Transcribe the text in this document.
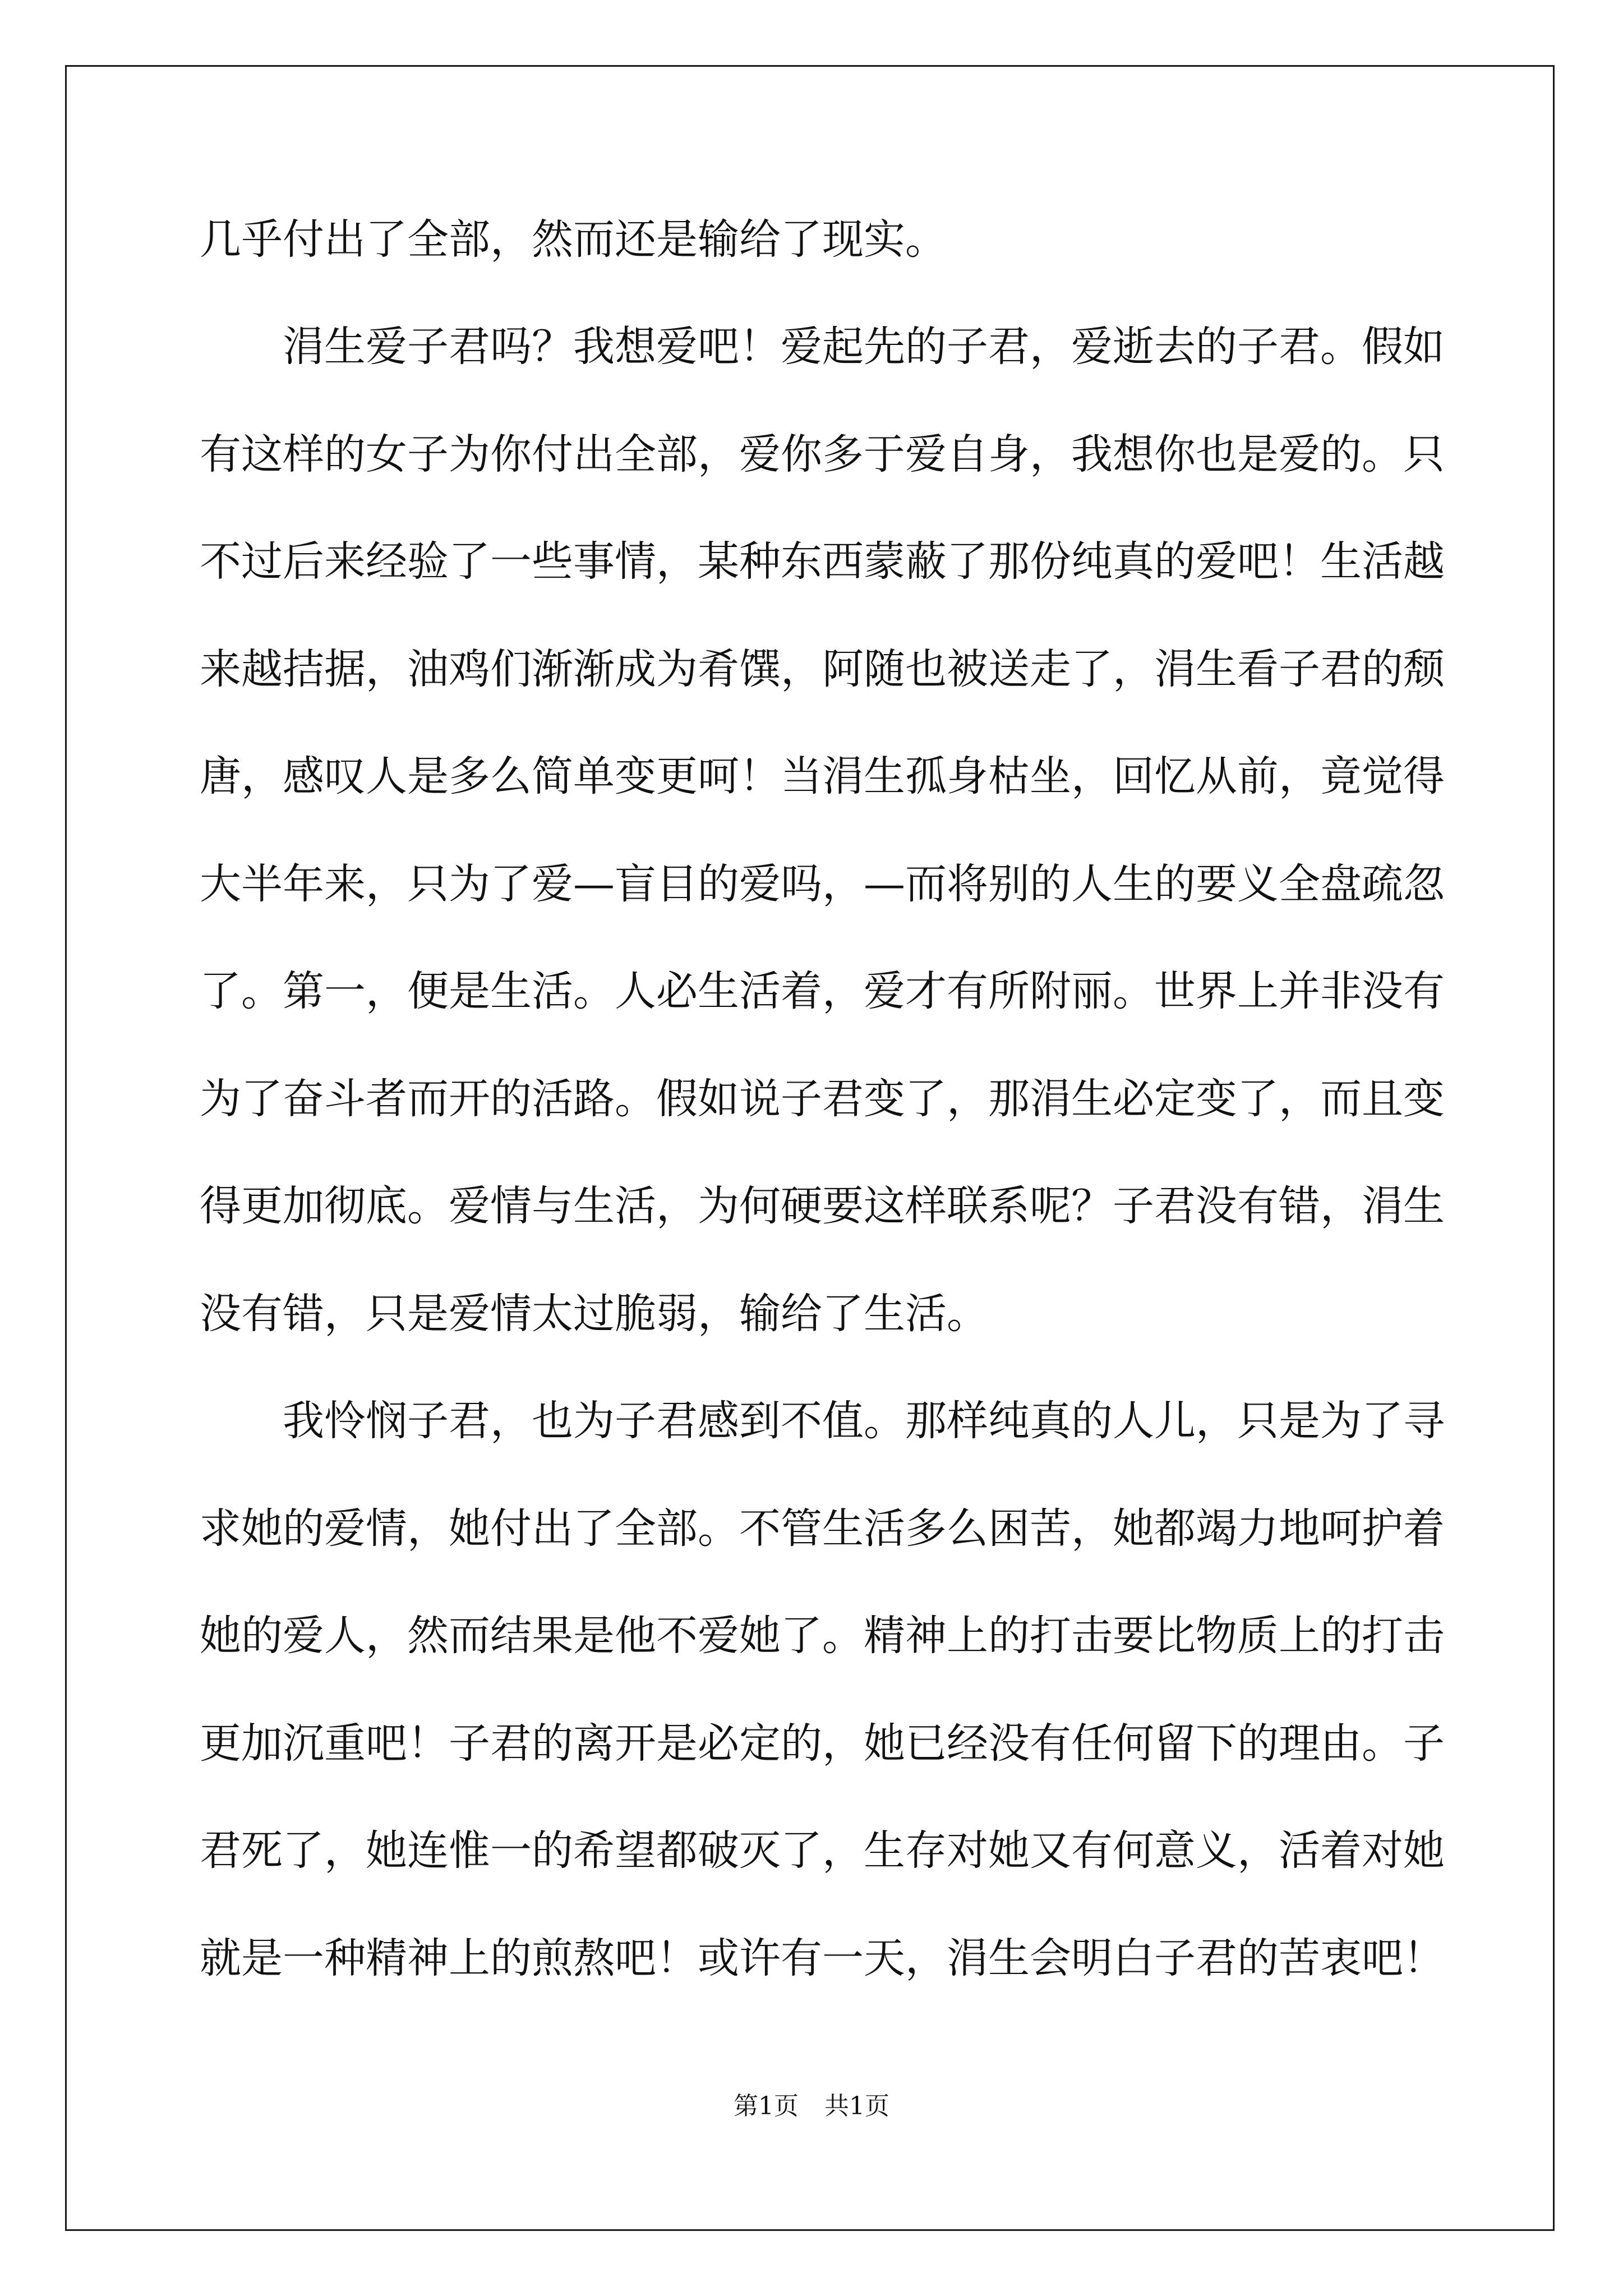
几乎付出了全部，然而还是输给了现实。
涓生爱子君吗？我想爱吧！爱起先的子君，爱逝去的子君。假如
有这样的女子为你付出全部，爱你多于爱自身，我想你也是爱的。只
不过后来经验了一些事情，某种东西蒙蔽了那份纯真的爱吧！生活越
来越拮据，油鸡们渐渐成为肴馔，阿随也被送走了，涓生看子君的颓
唐，感叹人是多么简单变更呵！当涓生孤身枯坐，回忆从前，竟觉得
大半年来，只为了爱—盲目的爱吗，—而将别的人生的要义全盘疏忽
了。第一，便是生活。人必生活着，爱才有所附丽。世界上并非没有
为了奋斗者而开的活路。假如说子君变了，那涓生必定变了，而且变
得更加彻底。爱情与生活，为何硬要这样联系呢？子君没有错，涓生
没有错，只是爱情太过脆弱，输给了生活。
我怜悯子君，也为子君感到不值。那样纯真的人儿，只是为了寻
求她的爱情，她付出了全部。不管生活多么困苦，她都竭力地呵护着
她的爱人，然而结果是他不爱她了。精神上的打击要比物质上的打击
更加沉重吧！子君的离开是必定的，她已经没有任何留下的理由。子
君死了，她连惟一的希望都破灭了，生存对她又有何意义，活着对她
就是一种精神上的煎熬吧！或许有一天，涓生会明白子君的苦衷吧！
第1页 共1页
